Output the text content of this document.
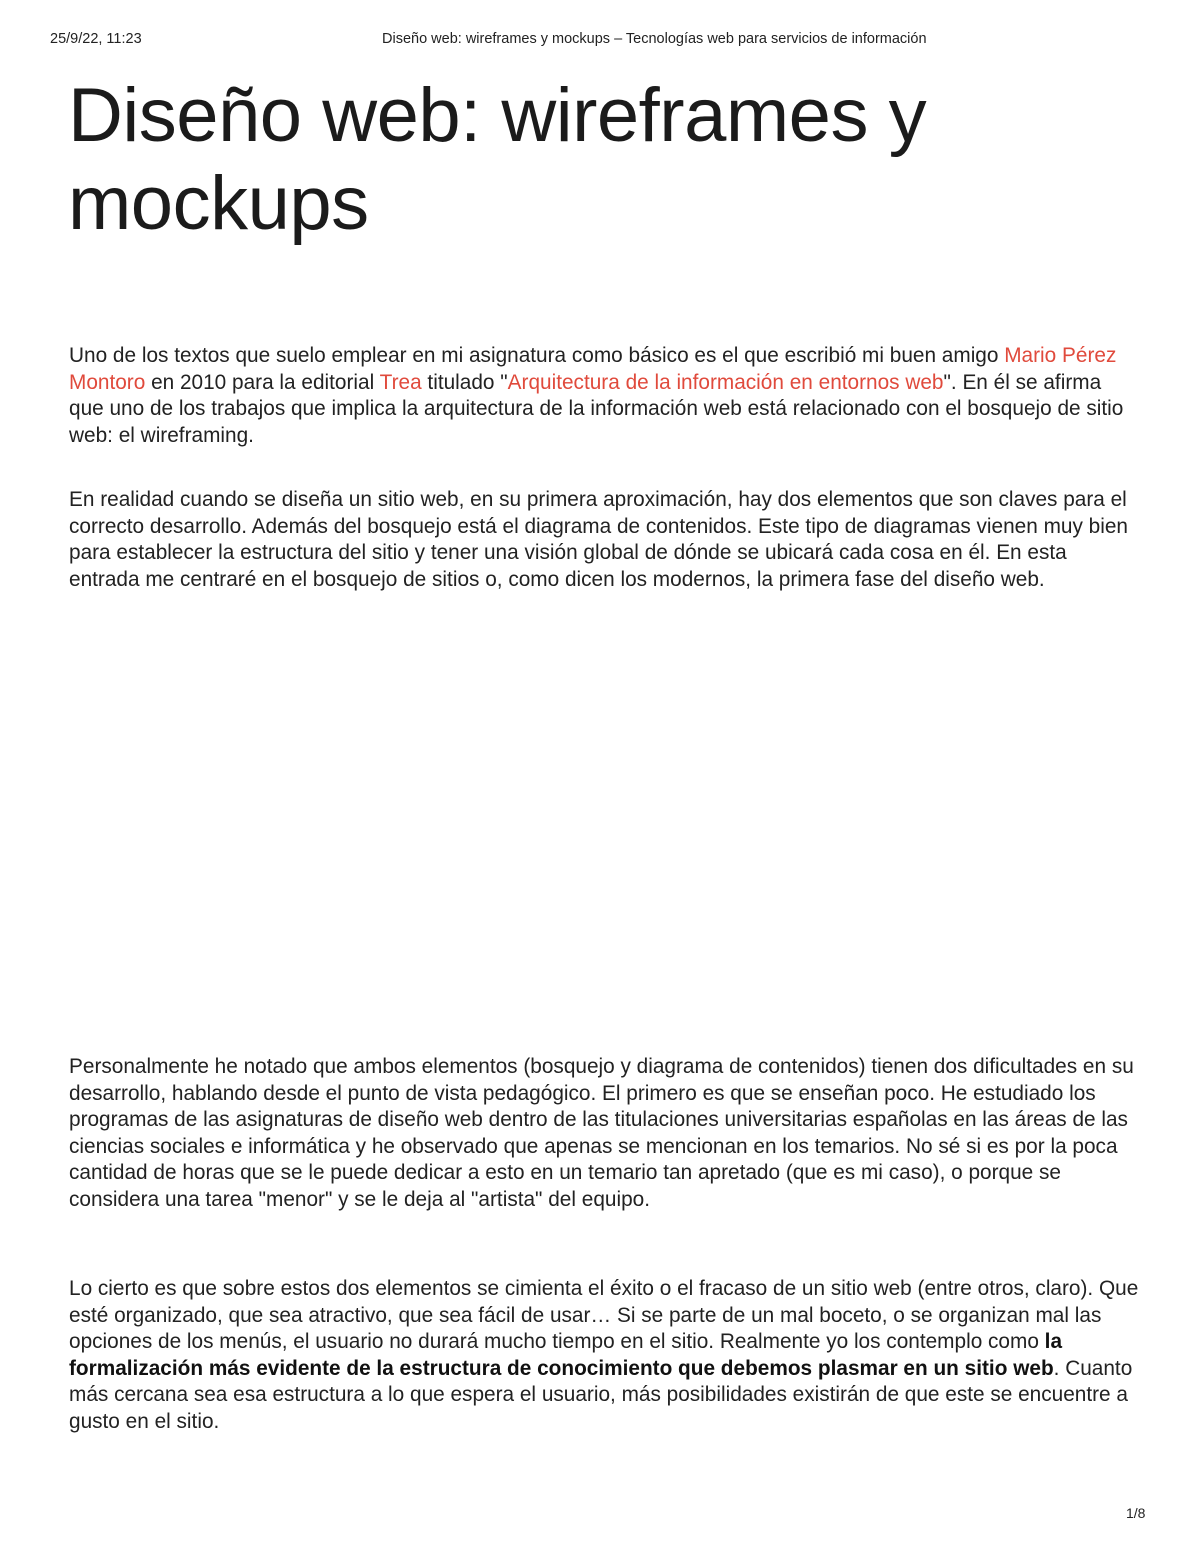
25/9/22, 11:23	Diseño web: wireframes y mockups – Tecnologías web para servicios de información
Diseño web: wireframes y mockups

Uno de los textos que suelo emplear en mi asignatura como básico es el que escribió mi buen amigo Mario Pérez Montoro en 2010 para la editorial Trea titulado "Arquitectura de la información en entornos web". En él se afirma que uno de los trabajos que implica la arquitectura de la información web está relacionado con el bosquejo de sitio web: el wireframing.

En realidad cuando se diseña un sitio web, en su primera aproximación, hay dos elementos que son claves para el correcto desarrollo. Además del bosquejo está el diagrama de contenidos. Este tipo de diagramas vienen muy bien para establecer la estructura del sitio y tener una visión global de dónde se ubicará cada cosa en él. En esta entrada me centraré en el bosquejo de sitios o, como dicen los modernos, la primera fase del diseño web.

Personalmente he notado que ambos elementos (bosquejo y diagrama de contenidos) tienen dos dificultades en su desarrollo, hablando desde el punto de vista pedagógico. El primero es que se enseñan poco. He estudiado los programas de las asignaturas de diseño web dentro de las titulaciones universitarias españolas en las áreas de las ciencias sociales e informática y he observado que apenas se mencionan en los temarios. No sé si es por la poca cantidad de horas que se le puede dedicar a esto en un temario tan apretado (que es mi caso), o porque se considera una tarea "menor" y se le deja al "artista" del equipo.

Lo cierto es que sobre estos dos elementos se cimienta el éxito o el fracaso de un sitio web (entre otros, claro). Que esté organizado, que sea atractivo, que sea fácil de usar… Si se parte de un mal boceto, o se organizan mal las opciones de los menús, el usuario no durará mucho tiempo en el sitio. Realmente yo los contemplo como la formalización más evidente de la estructura de conocimiento que debemos plasmar en un sitio web. Cuanto más cercana sea esa estructura a lo que espera el usuario, más posibilidades existirán de que este se encuentre a gusto en el sitio.

1/8
